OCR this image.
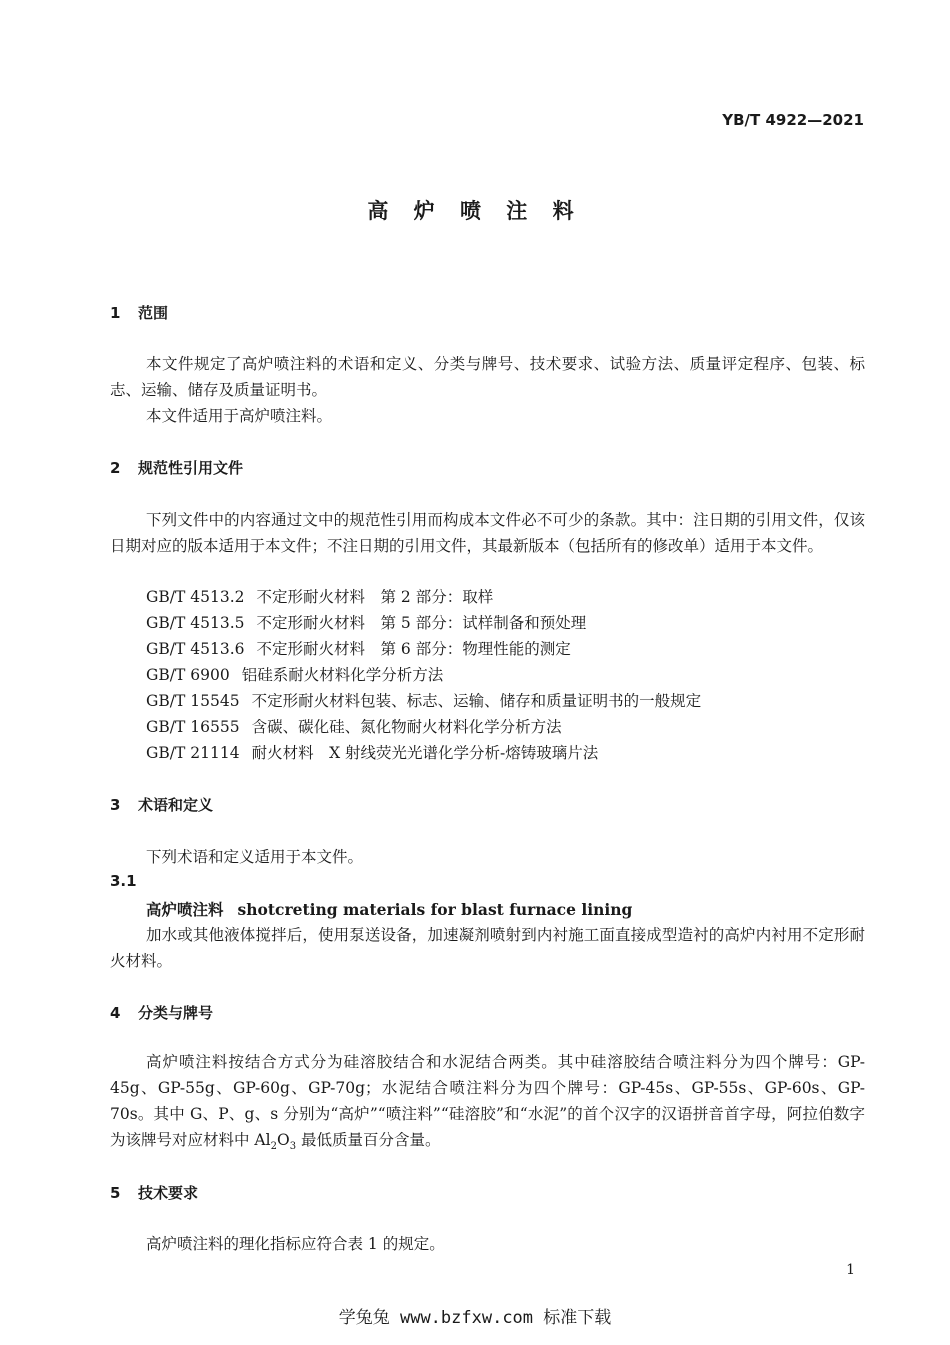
YB/T 4922—2021
高 炉 喷 注 料
1 范围
本文件规定了高炉喷注料的术语和定义、分类与牌号、技术要求、试验方法、质量评定程序、包装、标志、运输、储存及质量证明书。
本文件适用于高炉喷注料。
2 规范性引用文件
下列文件中的内容通过文中的规范性引用而构成本文件必不可少的条款。其中：注日期的引用文件，仅该日期对应的版本适用于本文件；不注日期的引用文件，其最新版本（包括所有的修改单）适用于本文件。
GB/T 4513.2 不定形耐火材料　第 2 部分：取样
GB/T 4513.5 不定形耐火材料　第 5 部分：试样制备和预处理
GB/T 4513.6 不定形耐火材料　第 6 部分：物理性能的测定
GB/T 6900 铝硅系耐火材料化学分析方法
GB/T 15545 不定形耐火材料包装、标志、运输、储存和质量证明书的一般规定
GB/T 16555 含碳、碳化硅、氮化物耐火材料化学分析方法
GB/T 21114 耐火材料　X 射线荧光光谱化学分析-熔铸玻璃片法
3 术语和定义
下列术语和定义适用于本文件。
3.1
高炉喷注料 shotcreting materials for blast furnace lining
加水或其他液体搅拌后，使用泵送设备，加速凝剂喷射到内衬施工面直接成型造衬的高炉内衬用不定形耐火材料。
4 分类与牌号
高炉喷注料按结合方式分为硅溶胶结合和水泥结合两类。其中硅溶胶结合喷注料分为四个牌号：GP-45g、GP-55g、GP-60g、GP-70g；水泥结合喷注料分为四个牌号：GP-45s、GP-55s、GP-60s、GP-70s。其中 G、P、g、s 分别为“高炉”“喷注料”“硅溶胶”和“水泥”的首个汉字的汉语拼音首字母，阿拉伯数字为该牌号对应材料中 $Al_2O_3$ 最低质量百分含量。
5 技术要求
高炉喷注料的理化指标应符合表 1 的规定。
1
学兔兔 www.bzfxw.com 标准下载
